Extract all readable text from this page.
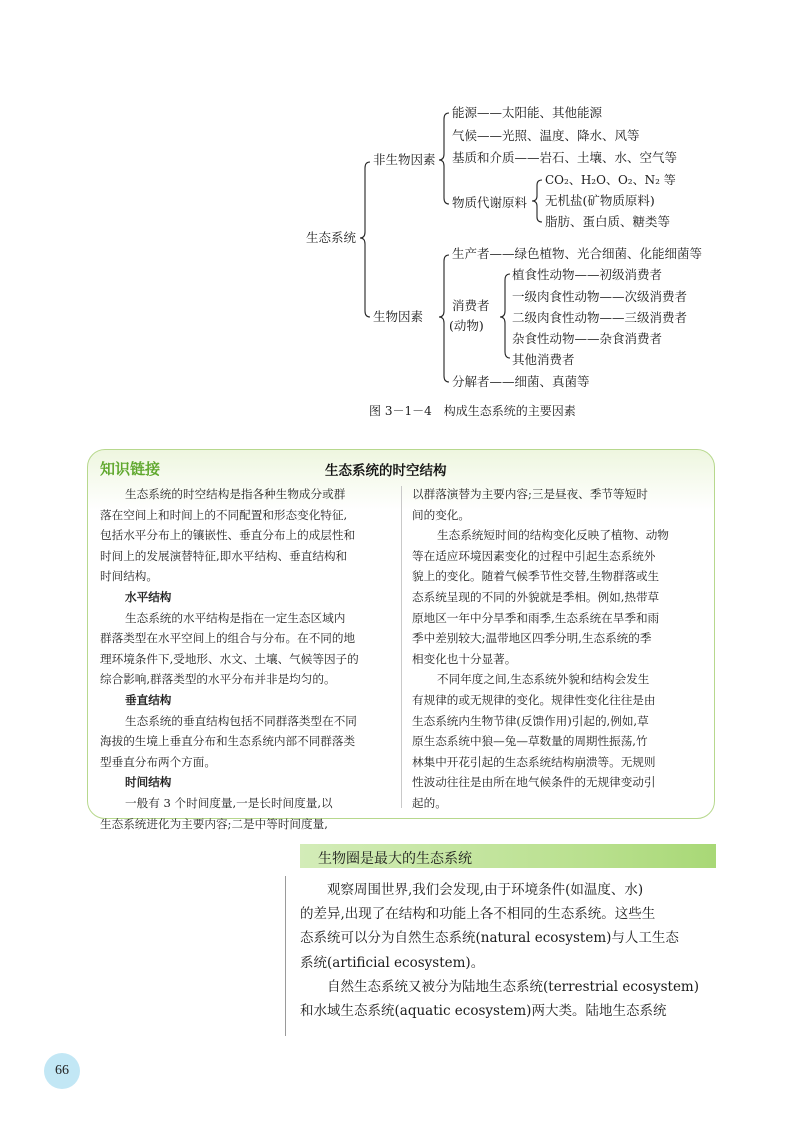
生态系统
非生物因素
能源——太阳能、其他能源
气候——光照、温度、降水、风等
基质和介质——岩石、土壤、水、空气等
物质代谢原料
CO₂、H₂O、O₂、N₂ 等
无机盐(矿物质原料)
脂肪、蛋白质、糖类等
生物因素
生产者——绿色植物、光合细菌、化能细菌等
消费者
(动物)
植食性动物——初级消费者
一级肉食性动物——次级消费者
二级肉食性动物——三级消费者
杂食性动物——杂食消费者
其他消费者
分解者——细菌、真菌等
图 3－1－4　构成生态系统的主要因素
知识链接	生态系统的时空结构

生态系统的时空结构是指各种生物成分或群

落在空间上和时间上的不同配置和形态变化特征,

包括水平分布上的镶嵌性、垂直分布上的成层性和

时间上的发展演替特征,即水平结构、垂直结构和

时间结构。

水平结构

生态系统的水平结构是指在一定生态区域内

群落类型在水平空间上的组合与分布。在不同的地

理环境条件下,受地形、水文、土壤、气候等因子的

综合影响,群落类型的水平分布并非是均匀的。

垂直结构

生态系统的垂直结构包括不同群落类型在不同

海拔的生境上垂直分布和生态系统内部不同群落类

型垂直分布两个方面。

时间结构

一般有 3 个时间度量,一是长时间度量,以

生态系统进化为主要内容;二是中等时间度量,

以群落演替为主要内容;三是昼夜、季节等短时

间的变化。

生态系统短时间的结构变化反映了植物、动物

等在适应环境因素变化的过程中引起生态系统外

貌上的变化。随着气候季节性交替,生物群落或生

态系统呈现的不同的外貌就是季相。例如,热带草

原地区一年中分旱季和雨季,生态系统在旱季和雨

季中差别较大;温带地区四季分明,生态系统的季

相变化也十分显著。

不同年度之间,生态系统外貌和结构会发生

有规律的或无规律的变化。规律性变化往往是由

生态系统内生物节律(反馈作用)引起的,例如,草

原生态系统中狼—兔—草数量的周期性振荡,竹

林集中开花引起的生态系统结构崩溃等。无规则

性波动往往是由所在地气候条件的无规律变动引

起的。

生物圈是最大的生态系统

观察周围世界,我们会发现,由于环境条件(如温度、水)

的差异,出现了在结构和功能上各不相同的生态系统。这些生

态系统可以分为自然生态系统(natural ecosystem)与人工生态

系统(artificial ecosystem)。

自然生态系统又被分为陆地生态系统(terrestrial ecosystem)

和水域生态系统(aquatic ecosystem)两大类。陆地生态系统

66
